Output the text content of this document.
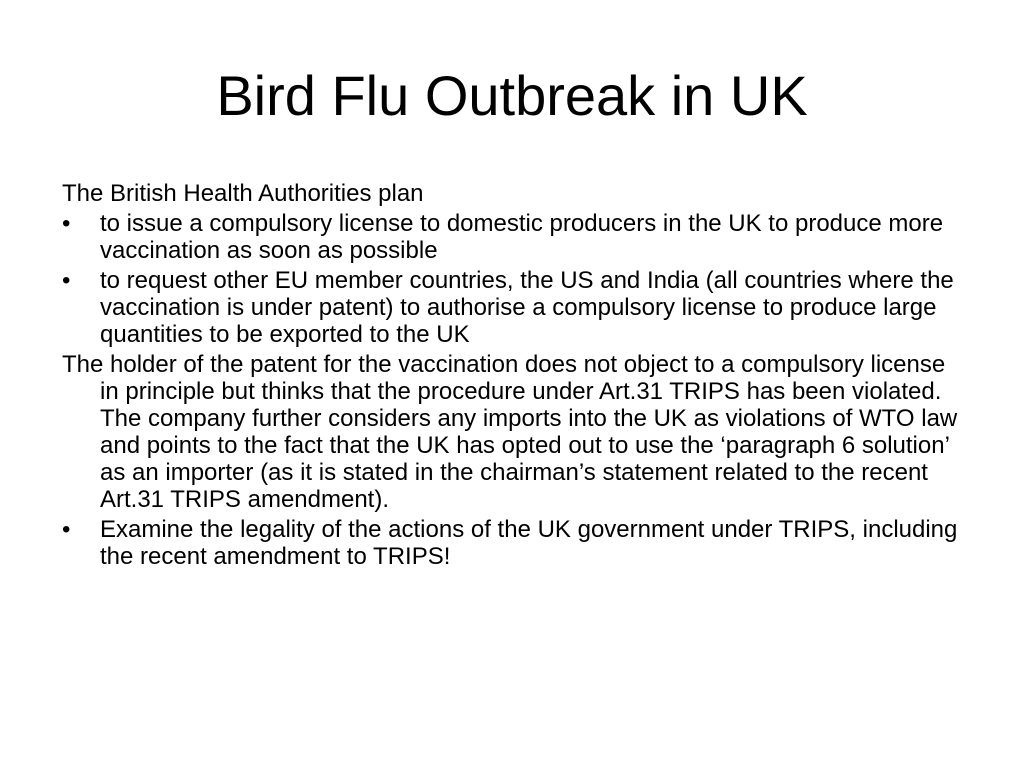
Bird Flu Outbreak in UK

The British Health Authorities plan

•	to issue a compulsory license to domestic producers in the UK to produce more vaccination as soon as possible
•	to request other EU member countries, the US and India (all countries where the vaccination is under patent) to authorise a compulsory license to produce large quantities to be exported to the UK

The holder of the patent for the vaccination does not object to a compulsory license in principle but thinks that the procedure under Art.31 TRIPS has been violated. The company further considers any imports into the UK as violations of WTO law and points to the fact that the UK has opted out to use the ‘paragraph 6 solution’ as an importer (as it is stated in the chairman’s statement related to the recent Art.31 TRIPS amendment).

•	Examine the legality of the actions of the UK government under TRIPS, including the recent amendment to TRIPS!
